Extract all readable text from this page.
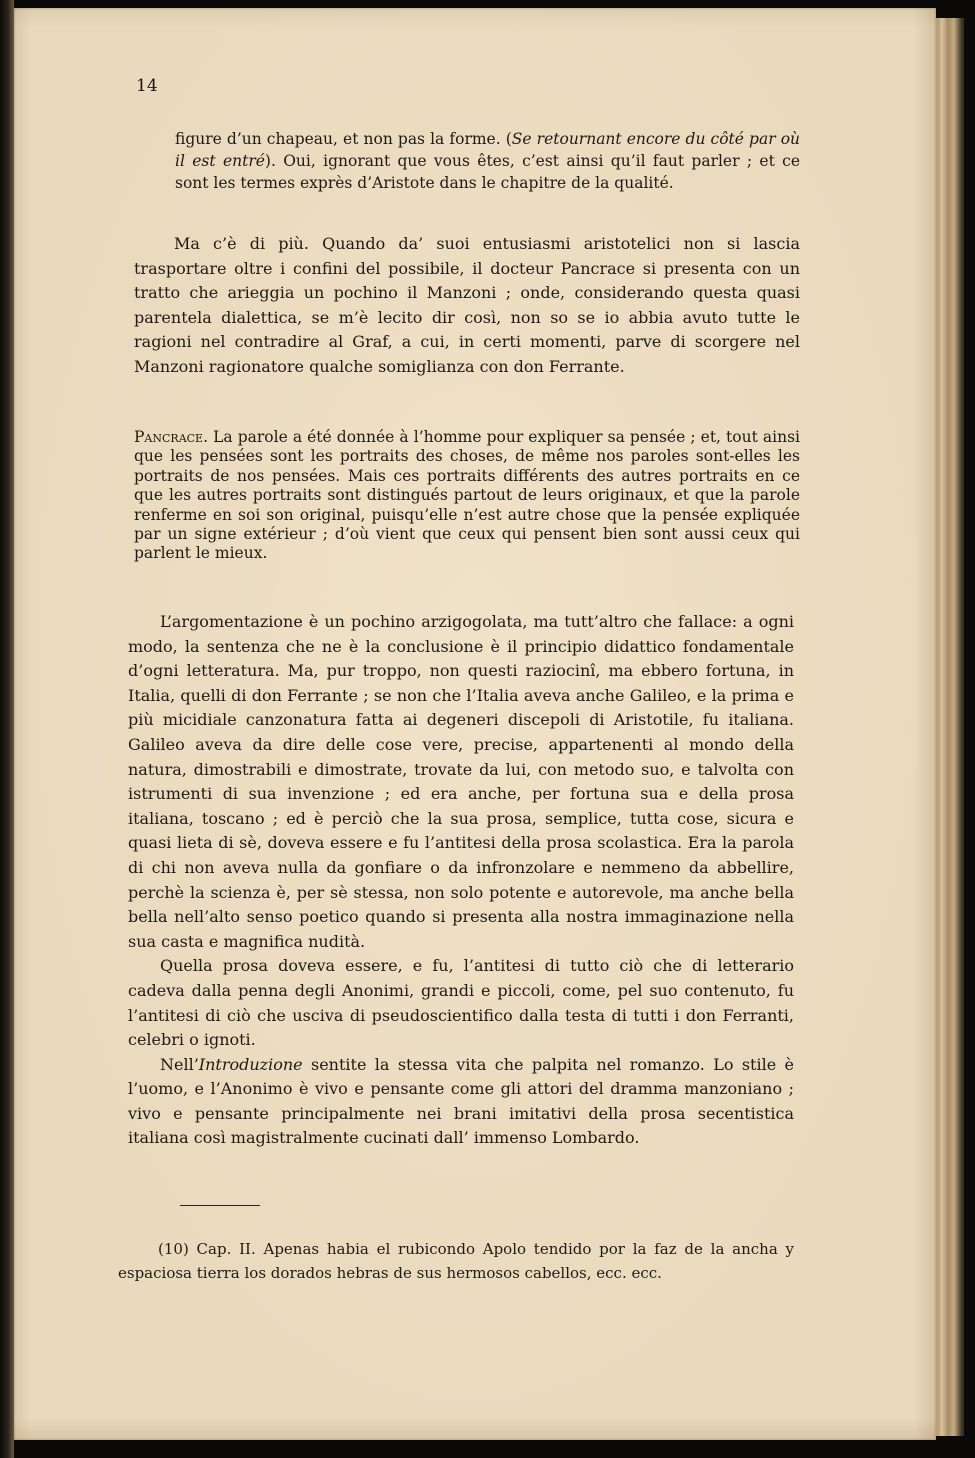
14
figure d’un chapeau, et non pas la forme. (Se retournant encore du côté par où il est entré). Oui, ignorant que vous êtes, c’est ainsi qu’il faut parler ; et ce sont les termes exprès d’Aristote dans le chapitre de la qualité.
Ma c’è di più. Quando da’ suoi entusiasmi aristotelici non si lascia trasportare oltre i confini del possibile, il docteur Pancrace si presenta con un tratto che arieggia un pochino il Manzoni ; onde, considerando questa quasi parentela dialettica, se m’è lecito dir così, non so se io abbia avuto tutte le ragioni nel contradire al Graf, a cui, in certi momenti, parve di scorgere nel Manzoni ragionatore qualche somiglianza con don Ferrante.
Pancrace. La parole a été donnée à l’homme pour expliquer sa pensée ; et, tout ainsi que les pensées sont les portraits des choses, de même nos paroles sont-elles les portraits de nos pensées. Mais ces portraits différents des autres portraits en ce que les autres portraits sont distingués partout de leurs originaux, et que la parole renferme en soi son original, puisqu’elle n’est autre chose que la pensée expliquée par un signe extérieur ; d’où vient que ceux qui pensent bien sont aussi ceux qui parlent le mieux.

L’argomentazione è un pochino arzigogolata, ma tutt’altro che fallace: a ogni modo, la sentenza che ne è la conclusione è il principio didattico fondamentale d’ogni letteratura. Ma, pur troppo, non questi raziocinî, ma ebbero fortuna, in Italia, quelli di don Ferrante ; se non che l’Italia aveva anche Galileo, e la prima e più micidiale canzonatura fatta ai degeneri discepoli di Aristotile, fu italiana. Galileo aveva da dire delle cose vere, precise, appartenenti al mondo della natura, dimostrabili e dimostrate, trovate da lui, con metodo suo, e talvolta con istrumenti di sua invenzione ; ed era anche, per fortuna sua e della prosa italiana, toscano ; ed è perciò che la sua prosa, semplice, tutta cose, sicura e quasi lieta di sè, doveva essere e fu l’antitesi della prosa scolastica. Era la parola di chi non aveva nulla da gonfiare o da infronzolare e nemmeno da abbellire, perchè la scienza è, per sè stessa, non solo potente e autorevole, ma anche bella bella nell’alto senso poetico quando si presenta alla nostra immaginazione nella sua casta e magnifica nudità.

Quella prosa doveva essere, e fu, l’antitesi di tutto ciò che di letterario cadeva dalla penna degli Anonimi, grandi e piccoli, come, pel suo contenuto, fu l’antitesi di ciò che usciva di pseudoscientifico dalla testa di tutti i don Ferranti, celebri o ignoti.

Nell’Introduzione sentite la stessa vita che palpita nel romanzo. Lo stile è l’uomo, e l’Anonimo è vivo e pensante come gli attori del dramma manzoniano ; vivo e pensante principalmente nei brani imitativi della prosa secentistica italiana così magistralmente cucinati dall’ immenso Lombardo.

(10) Cap. II. Apenas habia el rubicondo Apolo tendido por la faz de la ancha y espaciosa tierra los dorados hebras de sus hermosos cabellos, ecc. ecc.
